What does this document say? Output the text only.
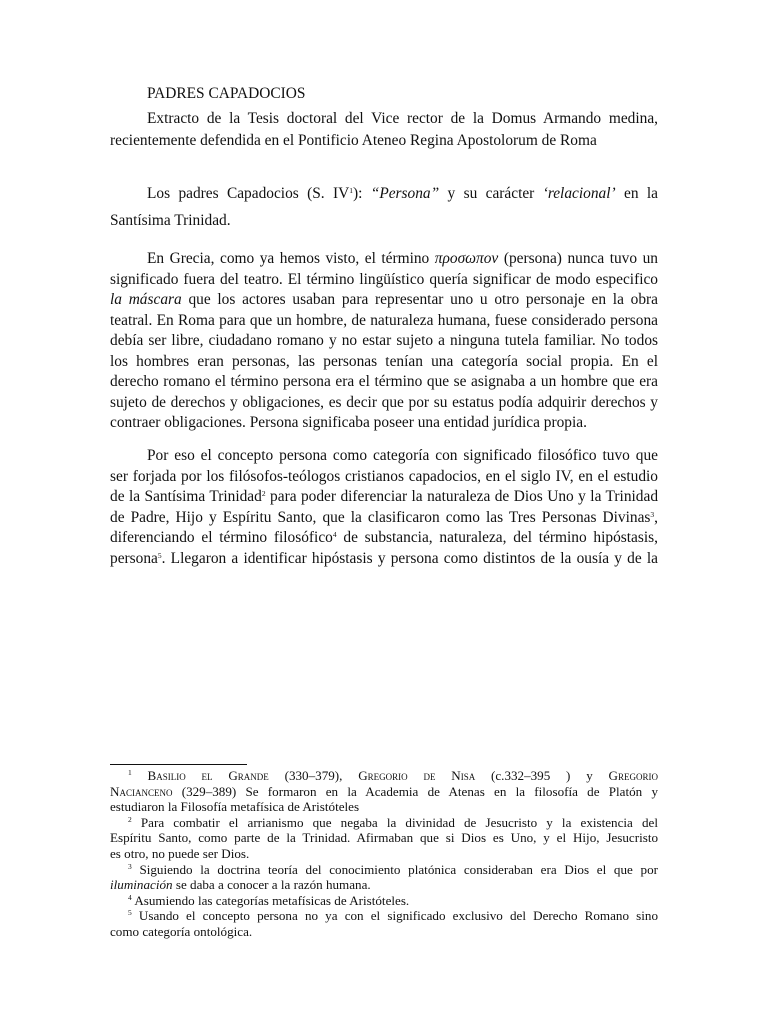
PADRES CAPADOCIOS
Extracto de la Tesis doctoral del Vice rector de la Domus Armando medina,
recientemente defendida en el Pontificio Ateneo Regina Apostolorum de Roma
Los padres Capadocios (S. IV$^1$): “Persona” y su carácter ‘relacional’ en la
Santísima Trinidad.
En Grecia, como ya hemos visto, el término προσωπον (persona) nunca tuvo un
significado fuera del teatro. El término lingüístico quería significar de modo especifico
la máscara que los actores usaban para representar uno u otro personaje en la obra
teatral. En Roma para que un hombre, de naturaleza humana, fuese considerado persona
debía ser libre, ciudadano romano y no estar sujeto a ninguna tutela familiar. No todos
los hombres eran personas, las personas tenían una categoría social propia. En el
derecho romano el término persona era el término que se asignaba a un hombre que era
sujeto de derechos y obligaciones, es decir que por su estatus podía adquirir derechos y
contraer obligaciones. Persona significaba poseer una entidad jurídica propia.
Por eso el concepto persona como categoría con significado filosófico tuvo que
ser forjada por los filósofos-teólogos cristianos capadocios, en el siglo IV, en el estudio
de la Santísima Trinidad$^2$ para poder diferenciar la naturaleza de Dios Uno y la Trinidad
de Padre, Hijo y Espíritu Santo, que la clasificaron como las Tres Personas Divinas$^3$,
diferenciando el término filosófico$^4$ de substancia, naturaleza, del término hipóstasis,
persona$^5$. Llegaron a identificar hipóstasis y persona como distintos de la ousía y de la
$^1$ Basilio el Grande (330–379), Gregorio de Nisa (c.332–395 ) y Gregorio
Nacianceno (329–389) Se formaron en la Academia de Atenas en la filosofía de Platón y
estudiaron la Filosofía metafísica de Aristóteles
$^2$ Para combatir el arrianismo que negaba la divinidad de Jesucristo y la existencia del
Espíritu Santo, como parte de la Trinidad. Afirmaban que si Dios es Uno, y el Hijo, Jesucristo
es otro, no puede ser Dios.
$^3$ Siguiendo la doctrina teoría del conocimiento platónica consideraban era Dios el que por
iluminación se daba a conocer a la razón humana.
$^4$ Asumiendo las categorías metafísicas de Aristóteles.
$^5$ Usando el concepto persona no ya con el significado exclusivo del Derecho Romano sino
como categoría ontológica.
